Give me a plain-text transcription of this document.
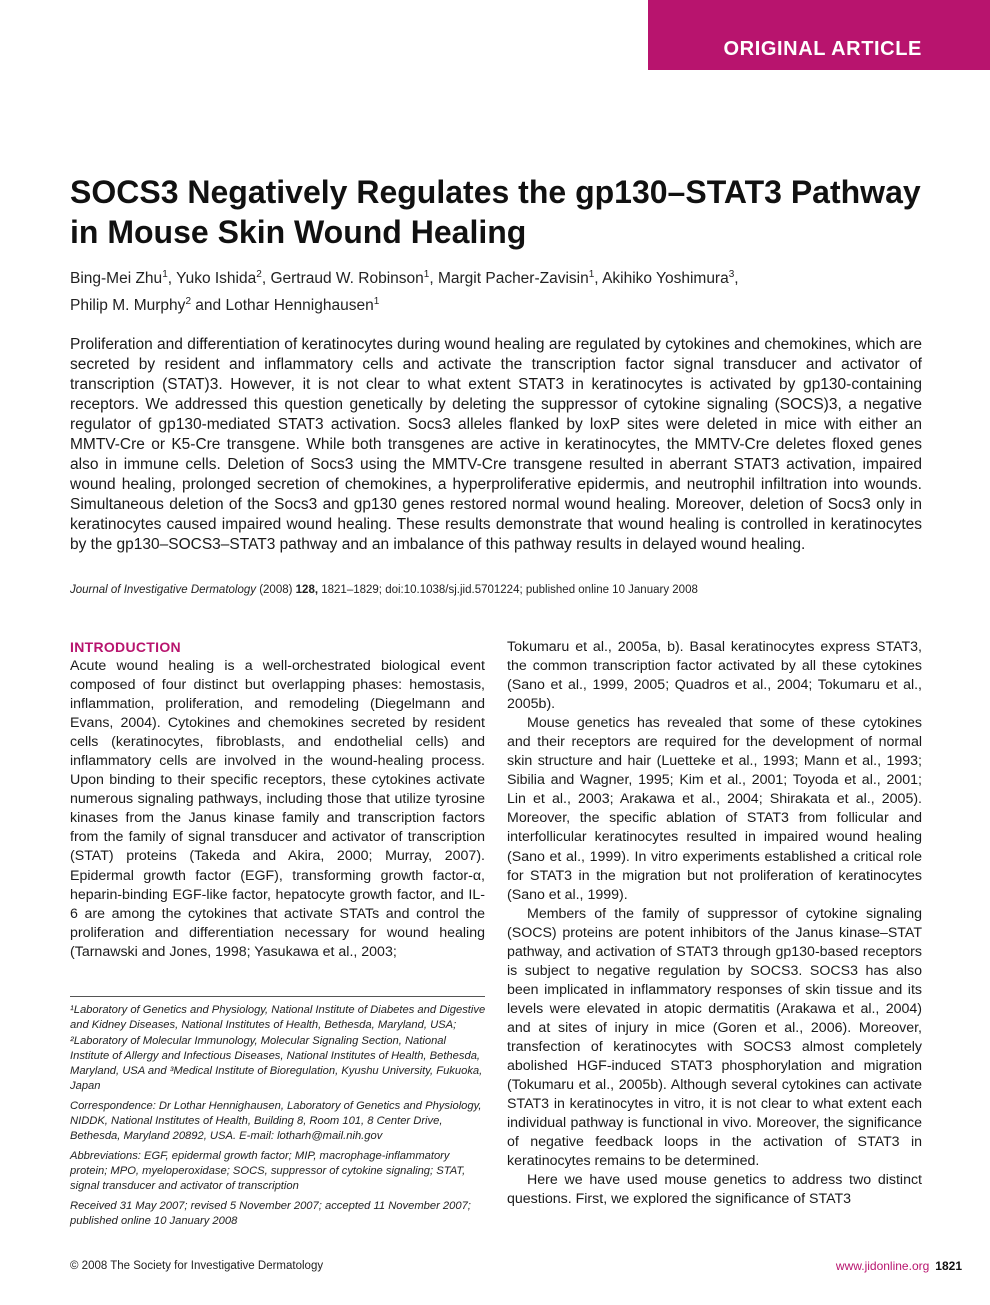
ORIGINAL ARTICLE
SOCS3 Negatively Regulates the gp130–STAT3 Pathway in Mouse Skin Wound Healing
Bing-Mei Zhu$^1$, Yuko Ishida$^2$, Gertraud W. Robinson$^1$, Margit Pacher-Zavisin$^1$, Akihiko Yoshimura$^3$,
Philip M. Murphy$^2$ and Lothar Hennighausen$^1$

Proliferation and differentiation of keratinocytes during wound healing are regulated by cytokines and chemokines, which are secreted by resident and inflammatory cells and activate the transcription factor signal transducer and activator of transcription (STAT)3. However, it is not clear to what extent STAT3 in keratinocytes is activated by gp130-containing receptors. We addressed this question genetically by deleting the suppressor of cytokine signaling (SOCS)3, a negative regulator of gp130-mediated STAT3 activation. Socs3 alleles flanked by loxP sites were deleted in mice with either an MMTV-Cre or K5-Cre transgene. While both transgenes are active in keratinocytes, the MMTV-Cre deletes floxed genes also in immune cells. Deletion of Socs3 using the MMTV-Cre transgene resulted in aberrant STAT3 activation, impaired wound healing, prolonged secretion of chemokines, a hyperproliferative epidermis, and neutrophil infiltration into wounds. Simultaneous deletion of the Socs3 and gp130 genes restored normal wound healing. Moreover, deletion of Socs3 only in keratinocytes caused impaired wound healing. These results demonstrate that wound healing is controlled in keratinocytes by the gp130–SOCS3–STAT3 pathway and an imbalance of this pathway results in delayed wound healing.

Journal of Investigative Dermatology (2008) 128, 1821–1829; doi:10.1038/sj.jid.5701224; published online 10 January 2008
INTRODUCTION

Acute wound healing is a well-orchestrated biological event composed of four distinct but overlapping phases: hemostasis, inflammation, proliferation, and remodeling (Diegelmann and Evans, 2004). Cytokines and chemokines secreted by resident cells (keratinocytes, fibroblasts, and endothelial cells) and inflammatory cells are involved in the wound-healing process. Upon binding to their specific receptors, these cytokines activate numerous signaling pathways, including those that utilize tyrosine kinases from the Janus kinase family and transcription factors from the family of signal transducer and activator of transcription (STAT) proteins (Takeda and Akira, 2000; Murray, 2007). Epidermal growth factor (EGF), transforming growth factor-α, heparin-binding EGF-like factor, hepatocyte growth factor, and IL-6 are among the cytokines that activate STATs and control the proliferation and differentiation necessary for wound healing (Tarnawski and Jones, 1998; Yasukawa et al., 2003;

Tokumaru et al., 2005a, b). Basal keratinocytes express STAT3, the common transcription factor activated by all these cytokines (Sano et al., 1999, 2005; Quadros et al., 2004; Tokumaru et al., 2005b).

Mouse genetics has revealed that some of these cytokines and their receptors are required for the development of normal skin structure and hair (Luetteke et al., 1993; Mann et al., 1993; Sibilia and Wagner, 1995; Kim et al., 2001; Toyoda et al., 2001; Lin et al., 2003; Arakawa et al., 2004; Shirakata et al., 2005). Moreover, the specific ablation of STAT3 from follicular and interfollicular keratinocytes resulted in impaired wound healing (Sano et al., 1999). In vitro experiments established a critical role for STAT3 in the migration but not proliferation of keratinocytes (Sano et al., 1999).

Members of the family of suppressor of cytokine signaling (SOCS) proteins are potent inhibitors of the Janus kinase–STAT pathway, and activation of STAT3 through gp130-based receptors is subject to negative regulation by SOCS3. SOCS3 has also been implicated in inflammatory responses of skin tissue and its levels were elevated in atopic dermatitis (Arakawa et al., 2004) and at sites of injury in mice (Goren et al., 2006). Moreover, transfection of keratinocytes with SOCS3 almost completely abolished HGF-induced STAT3 phosphorylation and migration (Tokumaru et al., 2005b). Although several cytokines can activate STAT3 in keratinocytes in vitro, it is not clear to what extent each individual pathway is functional in vivo. Moreover, the significance of negative feedback loops in the activation of STAT3 in keratinocytes remains to be determined.

Here we have used mouse genetics to address two distinct questions. First, we explored the significance of STAT3

¹Laboratory of Genetics and Physiology, National Institute of Diabetes and Digestive and Kidney Diseases, National Institutes of Health, Bethesda, Maryland, USA; ²Laboratory of Molecular Immunology, Molecular Signaling Section, National Institute of Allergy and Infectious Diseases, National Institutes of Health, Bethesda, Maryland, USA and ³Medical Institute of Bioregulation, Kyushu University, Fukuoka, Japan

Correspondence: Dr Lothar Hennighausen, Laboratory of Genetics and Physiology, NIDDK, National Institutes of Health, Building 8, Room 101, 8 Center Drive, Bethesda, Maryland 20892, USA. E-mail: lotharh@mail.nih.gov

Abbreviations: EGF, epidermal growth factor; MIP, macrophage-inflammatory protein; MPO, myeloperoxidase; SOCS, suppressor of cytokine signaling; STAT, signal transducer and activator of transcription

Received 31 May 2007; revised 5 November 2007; accepted 11 November 2007; published online 10 January 2008

© 2008 The Society for Investigative Dermatology	www.jidonline.org 1821
